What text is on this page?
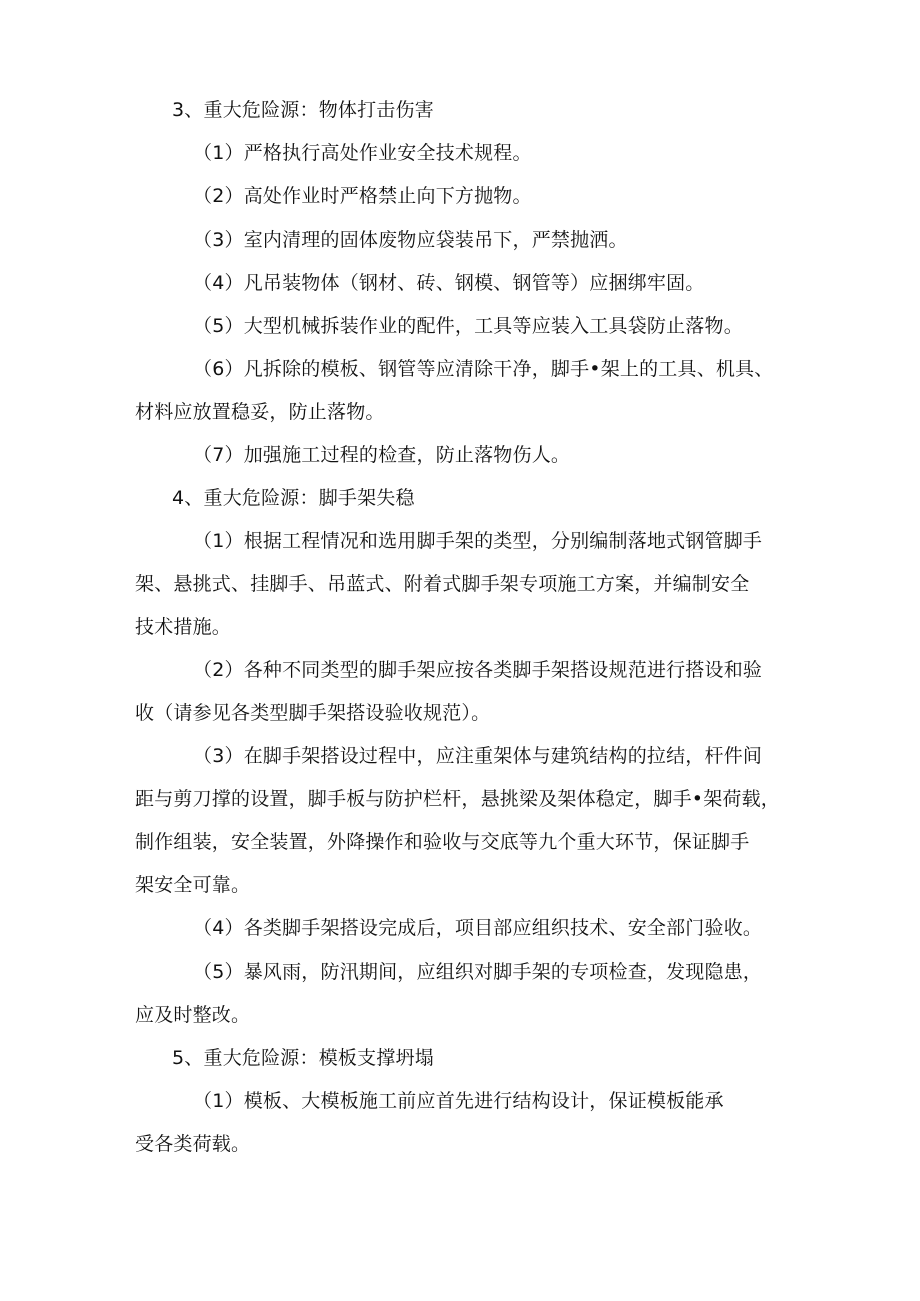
3、重大危险源：物体打击伤害
（1）严格执行高处作业安全技术规程。
（2）高处作业时严格禁止向下方抛物。
（3）室内清理的固体废物应袋装吊下，严禁抛洒。
（4）凡吊装物体（钢材、砖、钢模、钢管等）应捆绑牢固。
（5）大型机械拆装作业的配件，工具等应装入工具袋防止落物。
（6）凡拆除的模板、钢管等应清除干净，脚手•架上的工具、机具、
材料应放置稳妥，防止落物。
（7）加强施工过程的检查，防止落物伤人。
4、重大危险源：脚手架失稳
（1）根据工程情况和选用脚手架的类型，分别编制落地式钢管脚手
架、悬挑式、挂脚手、吊蓝式、附着式脚手架专项施工方案，并编制安全
技术措施。
（2）各种不同类型的脚手架应按各类脚手架搭设规范进行搭设和验
收（请参见各类型脚手架搭设验收规范）。
（3）在脚手架搭设过程中，应注重架体与建筑结构的拉结，杆件间
距与剪刀撑的设置，脚手板与防护栏杆，悬挑梁及架体稳定，脚手•架荷载，
制作组装，安全装置，外降操作和验收与交底等九个重大环节，保证脚手
架安全可靠。
（4）各类脚手架搭设完成后，项目部应组织技术、安全部门验收。
（5）暴风雨，防汛期间，应组织对脚手架的专项检查，发现隐患，
应及时整改。
5、重大危险源：模板支撑坍塌
（1）模板、大模板施工前应首先进行结构设计，保证模板能承
受各类荷载。
